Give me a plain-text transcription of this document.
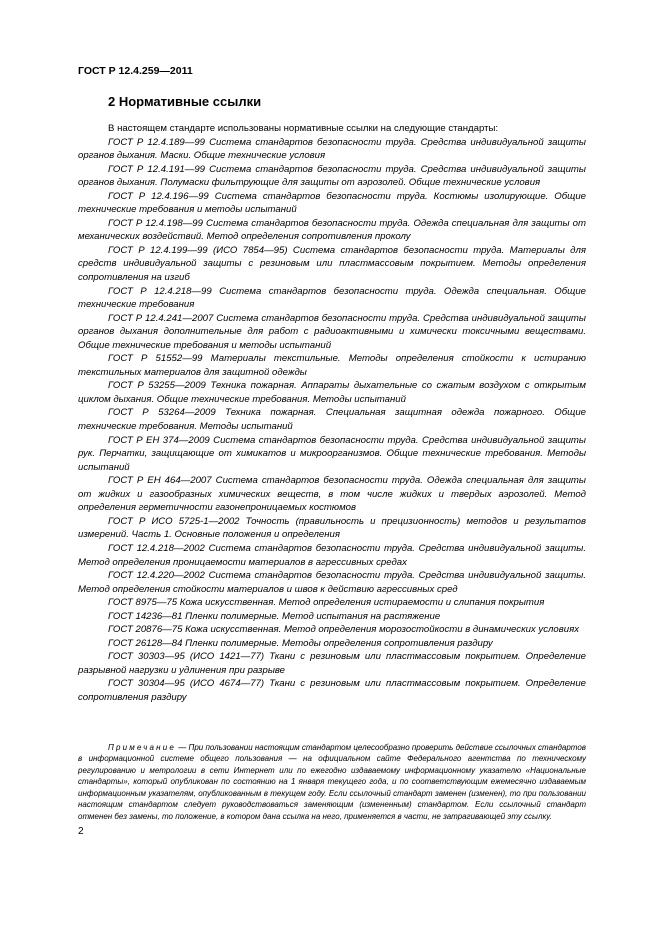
ГОСТ Р 12.4.259—2011
2 Нормативные ссылки

В настоящем стандарте использованы нормативные ссылки на следующие стандарты:

ГОСТ Р 12.4.189—99 Система стандартов безопасности труда. Средства индивидуальной защиты органов дыхания. Маски. Общие технические условия

ГОСТ Р 12.4.191—99 Система стандартов безопасности труда. Средства индивидуальной защиты органов дыхания. Полумаски фильтрующие для защиты от аэрозолей. Общие технические условия

ГОСТ Р 12.4.196—99 Система стандартов безопасности труда. Костюмы изолирующие. Общие технические требования и методы испытаний

ГОСТ Р 12.4.198—99 Система стандартов безопасности труда. Одежда специальная для защиты от механических воздействий. Метод определения сопротивления проколу

ГОСТ Р 12.4.199—99 (ИСО 7854—95) Система стандартов безопасности труда. Материалы для средств индивидуальной защиты с резиновым или пластмассовым покрытием. Методы определения сопротивления на изгиб

ГОСТ Р 12.4.218—99 Система стандартов безопасности труда. Одежда специальная. Общие технические требования

ГОСТ Р 12.4.241—2007 Система стандартов безопасности труда. Средства индивидуальной защиты органов дыхания дополнительные для работ с радиоактивными и химически токсичными веществами. Общие технические требования и методы испытаний

ГОСТ Р 51552—99 Материалы текстильные. Методы определения стойкости к истиранию текстильных материалов для защитной одежды

ГОСТ Р 53255—2009 Техника пожарная. Аппараты дыхательные со сжатым воздухом с открытым циклом дыхания. Общие технические требования. Методы испытаний

ГОСТ Р 53264—2009 Техника пожарная. Специальная защитная одежда пожарного. Общие технические требования. Методы испытаний

ГОСТ Р ЕН 374—2009 Система стандартов безопасности труда. Средства индивидуальной защиты рук. Перчатки, защищающие от химикатов и микроорганизмов. Общие технические требования. Методы испытаний

ГОСТ Р ЕН 464—2007 Система стандартов безопасности труда. Одежда специальная для защиты от жидких и газообразных химических веществ, в том числе жидких и твердых аэрозолей. Метод определения герметичности газонепроницаемых костюмов

ГОСТ Р ИСО 5725-1—2002 Точность (правильность и прецизионность) методов и результатов измерений. Часть 1. Основные положения и определения

ГОСТ 12.4.218—2002 Система стандартов безопасности труда. Средства индивидуальной защиты. Метод определения проницаемости материалов в агрессивных средах

ГОСТ 12.4.220—2002 Система стандартов безопасности труда. Средства индивидуальной защиты. Метод определения стойкости материалов и швов к действию агрессивных сред

ГОСТ 8975—75 Кожа искусственная. Метод определения истираемости и слипания покрытия

ГОСТ 14236—81 Пленки полимерные. Метод испытания на растяжение

ГОСТ 20876—75 Кожа искусственная. Метод определения морозостойкости в динамических условиях

ГОСТ 26128—84 Пленки полимерные. Методы определения сопротивления раздиру

ГОСТ 30303—95 (ИСО 1421—77) Ткани с резиновым или пластмассовым покрытием. Определение разрывной нагрузки и удлинения при разрыве

ГОСТ 30304—95 (ИСО 4674—77) Ткани с резиновым или пластмассовым покрытием. Определение сопротивления раздиру

Примечание — При пользовании настоящим стандартом целесообразно проверить действие ссылочных стандартов в информационной системе общего пользования — на официальном сайте Федерального агентства по техническому регулированию и метрологии в сети Интернет или по ежегодно издаваемому информационному указателю «Национальные стандарты», который опубликован по состоянию на 1 января текущего года, и по соответствующим ежемесячно издаваемым информационным указателям, опубликованным в текущем году. Если ссылочный стандарт заменен (изменен), то при пользовании настоящим стандартом следует руководствоваться заменяющим (измененным) стандартом. Если ссылочный стандарт отменен без замены, то положение, в котором дана ссылка на него, применяется в части, не затрагивающей эту ссылку.
2
